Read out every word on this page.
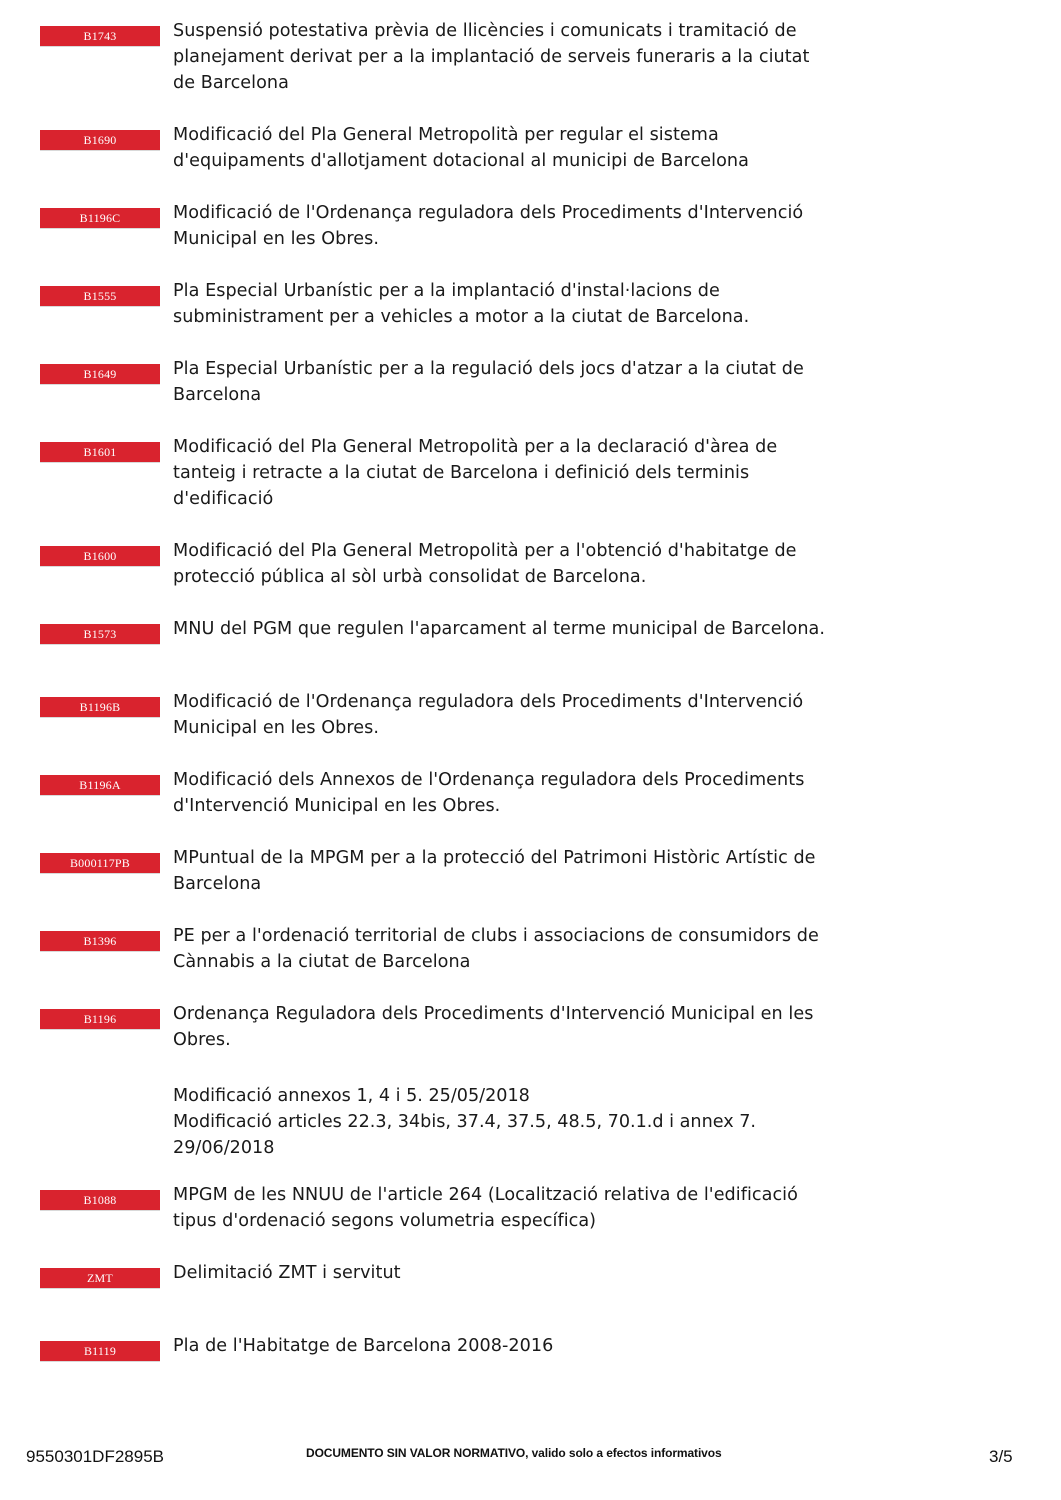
B1743	Suspensió potestativa prèvia de llicències i comunicats i tramitació de planejament derivat per a la implantació de serveis funeraris a la ciutat de Barcelona
B1690	Modificació del Pla General Metropolità per regular el sistema d'equipaments d'allotjament dotacional al municipi de Barcelona
B1196C	Modificació de l'Ordenança reguladora dels Procediments d'Intervenció Municipal en les Obres.
B1555	Pla Especial Urbanístic per a la implantació d'instal·lacions de subministrament per a vehicles a motor a la ciutat de Barcelona.
B1649	Pla Especial Urbanístic per a la regulació dels jocs d'atzar a la ciutat de Barcelona
B1601	Modificació del Pla General Metropolità per a la declaració d'àrea de tanteig i retracte a la ciutat de Barcelona i definició dels terminis d'edificació
B1600	Modificació del Pla General Metropolità per a l'obtenció d'habitatge de protecció pública al sòl urbà consolidat de Barcelona.
B1573	MNU del PGM que regulen l'aparcament al terme municipal de Barcelona.
B1196B	Modificació de l'Ordenança reguladora dels Procediments d'Intervenció Municipal en les Obres.
B1196A	Modificació dels Annexos de l'Ordenança reguladora dels Procediments d'Intervenció Municipal en les Obres.
B000117PB	MPuntual de la MPGM per a la protecció del Patrimoni Històric Artístic de Barcelona
B1396	PE per a l'ordenació territorial de clubs i associacions de consumidors de Cànnabis a la ciutat de Barcelona
B1196	Ordenança Reguladora dels Procediments d'Intervenció Municipal en les Obres.
Modificació annexos 1, 4 i 5. 25/05/2018
Modificació articles 22.3, 34bis, 37.4, 37.5, 48.5, 70.1.d i annex 7.
29/06/2018
B1088	MPGM de les NNUU de l'article 264 (Localització relativa de l'edificació tipus d'ordenació segons volumetria específica)
ZMT	Delimitació ZMT i servitut
B1119	Pla de l'Habitatge de Barcelona 2008-2016
9550301DF2895B	DOCUMENTO SIN VALOR NORMATIVO, valido solo a efectos informativos	3/5
